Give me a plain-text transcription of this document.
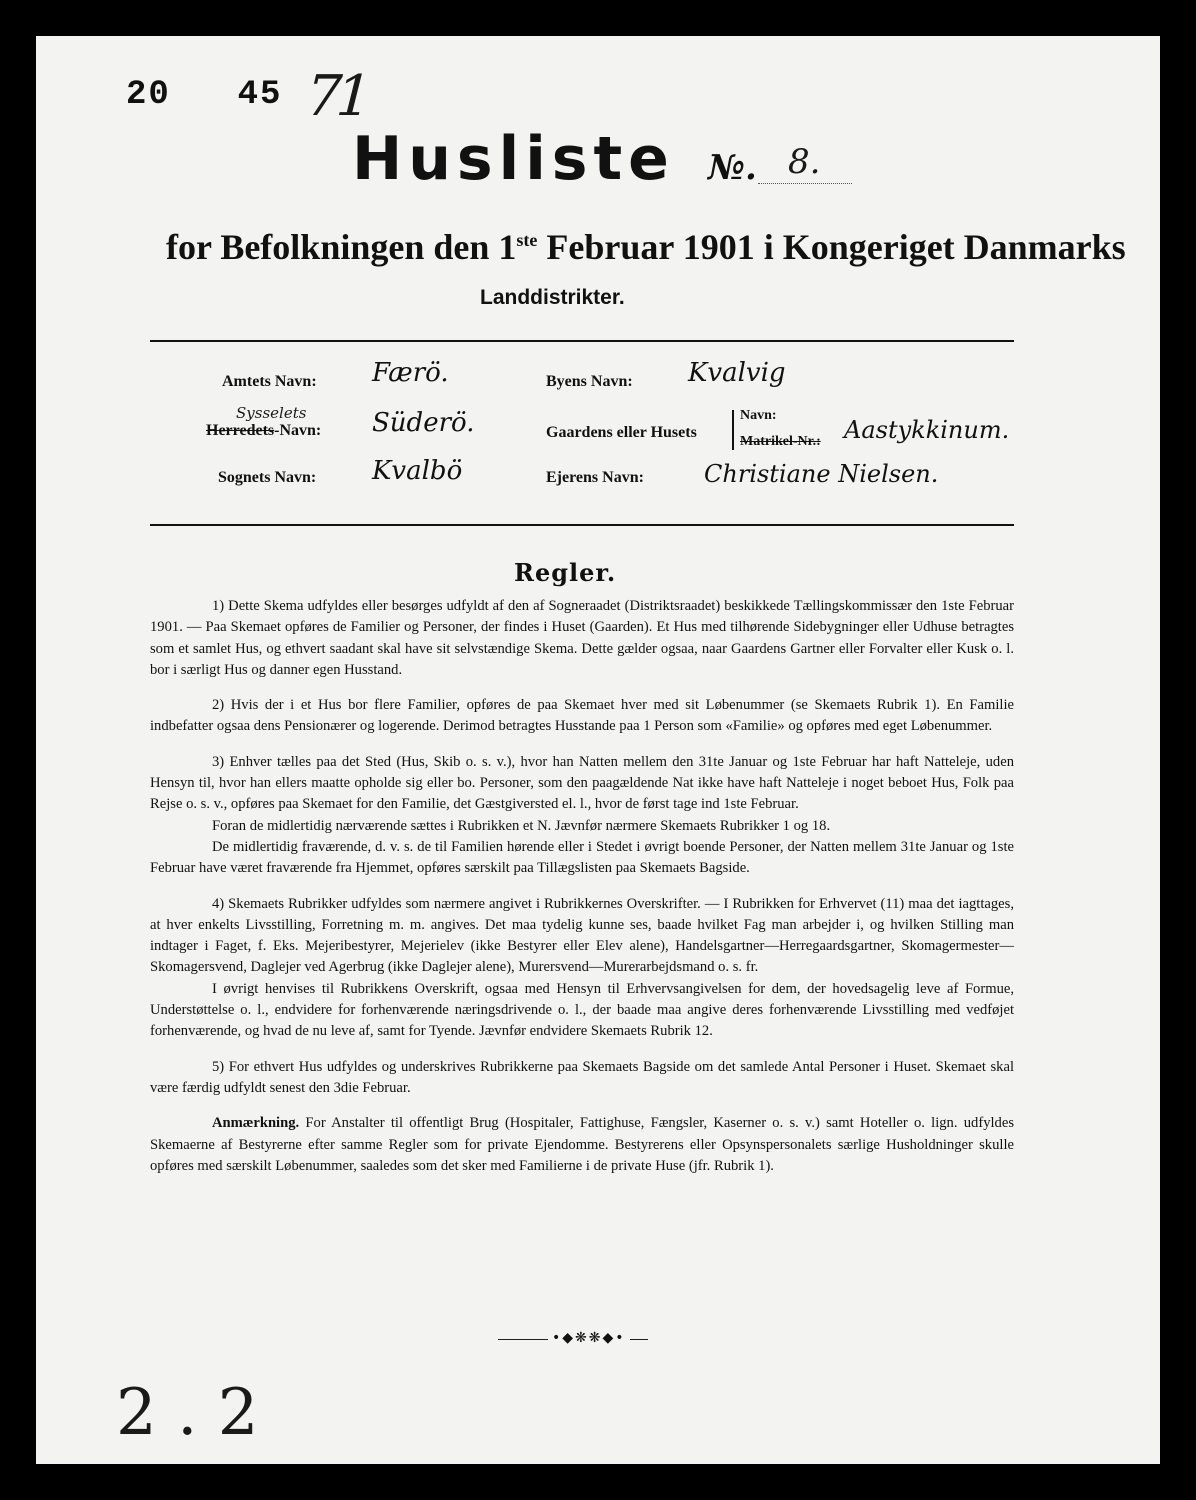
20 45 71
Husliste №. 8.
for Befolkningen den 1ste Februar 1901 i Kongeriget Danmarks
Landdistrikter.
Amtets Navn: Færö.
Sysselets
Herredets-Navn: Süderö.
Sognets Navn: Kvalbö
Byens Navn: Kvalvig
Gaardens eller Husets
Navn:
Matrikel-Nr.: Aastykkinum.
Ejerens Navn:	Christiane Nielsen.
Regler.

1) Dette Skema udfyldes eller besørges udfyldt af den af Sogneraadet (Distriktsraadet) beskikkede Tællingskommissær den 1ste Februar 1901. — Paa Skemaet opføres de Familier og Personer, der findes i Huset (Gaarden). Et Hus med tilhørende Sidebygninger eller Udhuse betragtes som et samlet Hus, og ethvert saadant skal have sit selvstændige Skema. Dette gælder ogsaa, naar Gaardens Gartner eller Forvalter eller Kusk o. l. bor i særligt Hus og danner egen Husstand.

2) Hvis der i et Hus bor flere Familier, opføres de paa Skemaet hver med sit Løbenummer (se Skemaets Rubrik 1). En Familie indbefatter ogsaa dens Pensionærer og logerende. Derimod betragtes Husstande paa 1 Person som «Familie» og opføres med eget Løbenummer.

3) Enhver tælles paa det Sted (Hus, Skib o. s. v.), hvor han Natten mellem den 31te Januar og 1ste Februar har haft Natteleje, uden Hensyn til, hvor han ellers maatte opholde sig eller bo. Personer, som den paagældende Nat ikke have haft Natteleje i noget beboet Hus, Folk paa Rejse o. s. v., opføres paa Skemaet for den Familie, det Gæstgiversted el. l., hvor de først tage ind 1ste Februar.

Foran de midlertidig nærværende sættes i Rubrikken et N. Jævnfør nærmere Skemaets Rubrikker 1 og 18.

De midlertidig fraværende, d. v. s. de til Familien hørende eller i Stedet i øvrigt boende Personer, der Natten mellem 31te Januar og 1ste Februar have været fraværende fra Hjemmet, opføres særskilt paa Tillægslisten paa Skemaets Bagside.

4) Skemaets Rubrikker udfyldes som nærmere angivet i Rubrikkernes Overskrifter. — I Rubrikken for Erhvervet (11) maa det iagttages, at hver enkelts Livsstilling, Forretning m. m. angives. Det maa tydelig kunne ses, baade hvilket Fag man arbejder i, og hvilken Stilling man indtager i Faget, f. Eks. Mejeribestyrer, Mejerielev (ikke Bestyrer eller Elev alene), Handelsgartner—Herregaardsgartner, Skomagermester—Skomagersvend, Daglejer ved Agerbrug (ikke Daglejer alene), Murersvend—Murerarbejdsmand o. s. fr.

I øvrigt henvises til Rubrikkens Overskrift, ogsaa med Hensyn til Erhvervsangivelsen for dem, der hovedsagelig leve af Formue, Understøttelse o. l., endvidere for forhenværende næringsdrivende o. l., der baade maa angive deres forhenværende Livsstilling med vedføjet forhenværende, og hvad de nu leve af, samt for Tyende. Jævnfør endvidere Skemaets Rubrik 12.

5) For ethvert Hus udfyldes og underskrives Rubrikkerne paa Skemaets Bagside om det samlede Antal Personer i Huset. Skemaet skal være færdig udfyldt senest den 3die Februar.

Anmærkning. For Anstalter til offentligt Brug (Hospitaler, Fattighuse, Fængsler, Kaserner o. s. v.) samt Hoteller o. lign. udfyldes Skemaerne af Bestyrerne efter samme Regler som for private Ejendomme. Bestyrerens eller Opsynspersonalets særlige Husholdninger skulle opføres med særskilt Løbenummer, saaledes som det sker med Familierne i de private Huse (jfr. Rubrik 1).

•◆❋❋◆•
2 . 2
